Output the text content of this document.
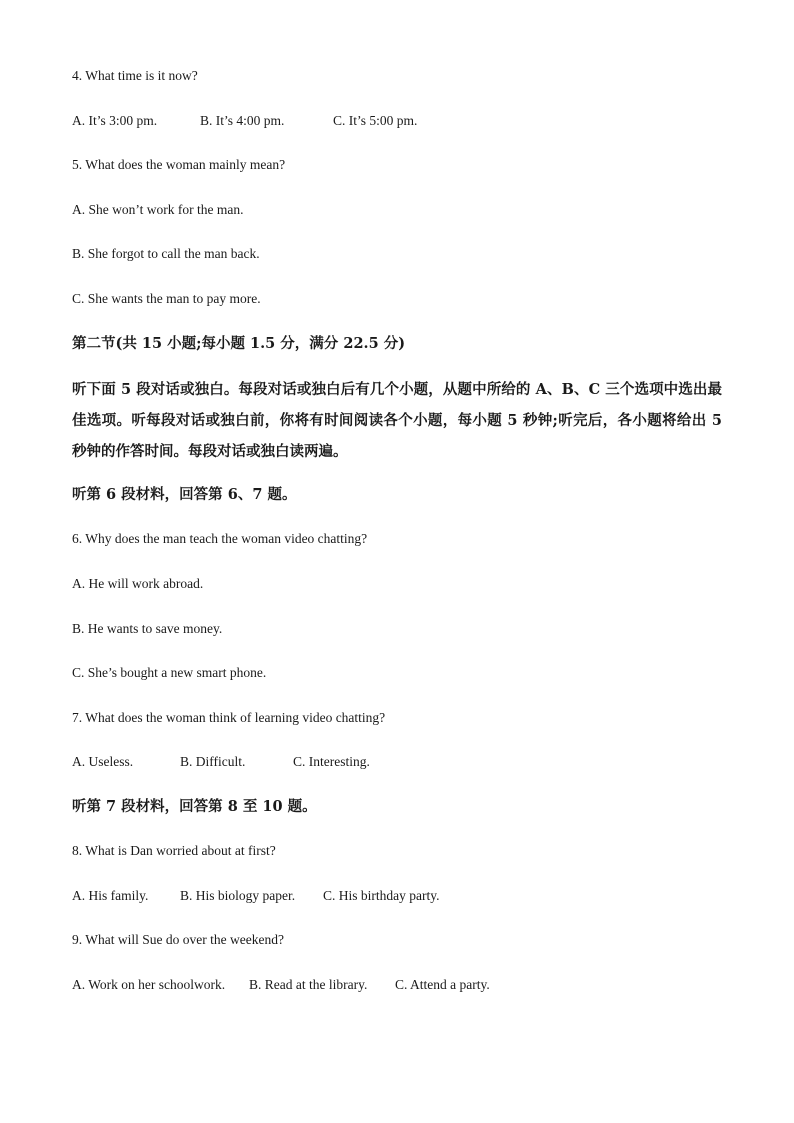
4. What time is it now?
A. It’s 3:00 pm.	B. It’s 4:00 pm.	C. It’s 5:00 pm.
5. What does the woman mainly mean?
A. She won’t work for the man.
B. She forgot to call the man back.
C. She wants the man to pay more.
第二节(共 15 小题;每小题 1.5 分，满分 22.5 分)
听下面 5 段对话或独白。每段对话或独白后有几个小题，从题中所给的 A、B、C 三个选项中选出最佳选项。听每段对话或独白前，你将有时间阅读各个小题，每小题 5 秒钟;听完后，各小题将给出 5 秒钟的作答时间。每段对话或独白读两遍。
听第 6 段材料，回答第 6、7 题。
6. Why does the man teach the woman video chatting?
A. He will work abroad.
B. He wants to save money.
C. She’s bought a new smart phone.
7. What does the woman think of learning video chatting?
A. Useless.	B. Difficult.	C. Interesting.
听第 7 段材料，回答第 8 至 10 题。
8. What is Dan worried about at first?
A. His family. B. His biology paper. C. His birthday party.
9. What will Sue do over the weekend?
A. Work on her schoolwork. B. Read at the library. C. Attend a party.
